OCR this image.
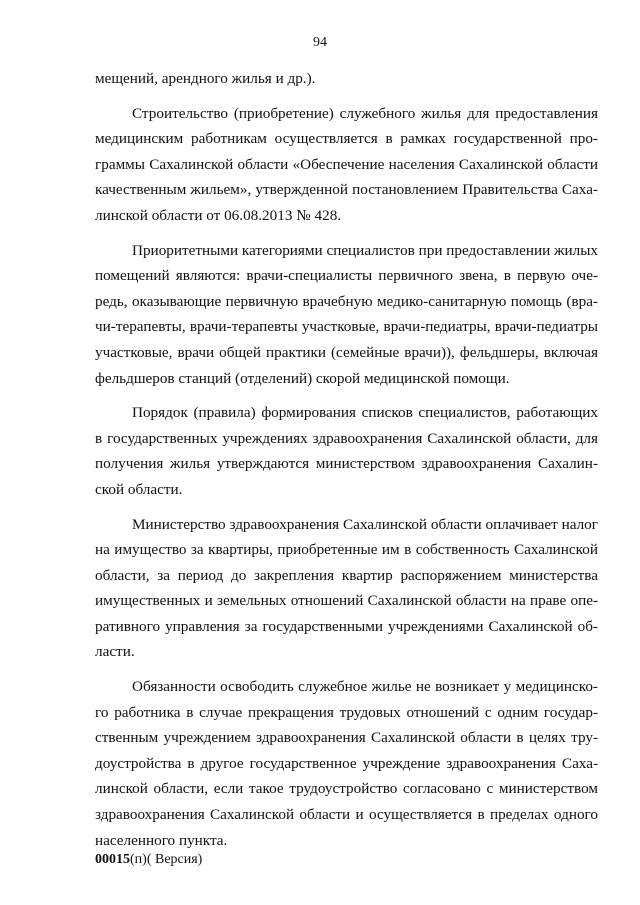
94
мещений, арендного жилья и др.).
Строительство (приобретение) служебного жилья для предоставления
медицинским работникам осуществляется в рамках государственной про-
граммы Сахалинской области «Обеспечение населения Сахалинской области
качественным жильем», утвержденной постановлением Правительства Саха-
линской области от 06.08.2013 № 428.
Приоритетными категориями специалистов при предоставлении жилых
помещений являются: врачи-специалисты первичного звена, в первую оче-
редь, оказывающие первичную врачебную медико-санитарную помощь (вра-
чи-терапевты, врачи-терапевты участковые, врачи-педиатры, врачи-педиатры
участковые, врачи общей практики (семейные врачи)), фельдшеры, включая
фельдшеров станций (отделений) скорой медицинской помощи.
Порядок (правила) формирования списков специалистов, работающих
в государственных учреждениях здравоохранения Сахалинской области, для
получения жилья утверждаются министерством здравоохранения Сахалин-
ской области.
Министерство здравоохранения Сахалинской области оплачивает налог
на имущество за квартиры, приобретенные им в собственность Сахалинской
области, за период до закрепления квартир распоряжением министерства
имущественных и земельных отношений Сахалинской области на праве опе-
ративного управления за государственными учреждениями Сахалинской об-
ласти.
Обязанности освободить служебное жилье не возникает у медицинско-
го работника в случае прекращения трудовых отношений с одним государ-
ственным учреждением здравоохранения Сахалинской области в целях тру-
доустройства в другое государственное учреждение здравоохранения Саха-
линской области, если такое трудоустройство согласовано с министерством
здравоохранения Сахалинской области и осуществляется в пределах одного
населенного пункта.
00015(п)( Версия)
